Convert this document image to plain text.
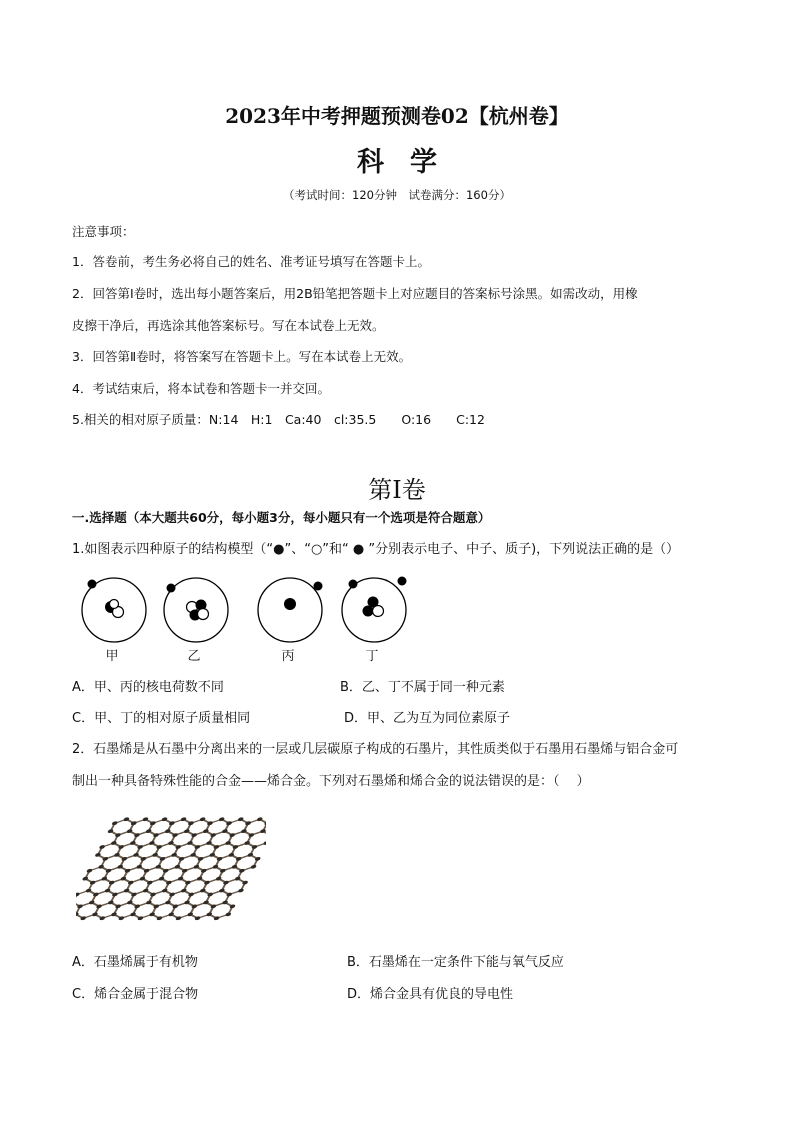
2023年中考押题预测卷02【杭州卷】
科学
（考试时间：120分钟　试卷满分：160分）
注意事项：
1．答卷前，考生务必将自己的姓名、准考证号填写在答题卡上。
2．回答第Ⅰ卷时，选出每小题答案后，用2B铅笔把答题卡上对应题目的答案标号涂黑。如需改动，用橡
皮擦干净后，再选涂其他答案标号。写在本试卷上无效。
3．回答第Ⅱ卷时，将答案写在答题卡上。写在本试卷上无效。
4．考试结束后，将本试卷和答题卡一并交回。
5.相关的相对原子质量：N:14　H:1　Ca:40　cl:35.5　　O:16　　C:12
第Ⅰ卷
一.选择题（本大题共60分，每小题3分，每小题只有一个选项是符合题意）
1.如图表示四种原子的结构模型（“●”、“○”和“ ● ”分别表示电子、中子、质子)，下列说法正确的是（）
甲	乙	丙	丁
A．甲、丙的核电荷数不同	B．乙、丁不属于同一种元素
C．甲、丁的相对原子质量相同	D．甲、乙为互为同位素原子
2．石墨烯是从石墨中分离出来的一层或几层碳原子构成的石墨片，其性质类似于石墨用石墨烯与铝合金可
制出一种具备特殊性能的合金——烯合金。下列对石墨烯和烯合金的说法错误的是：（　 ）
A．石墨烯属于有机物	B．石墨烯在一定条件下能与氧气反应
C．烯合金属于混合物	D．烯合金具有优良的导电性
